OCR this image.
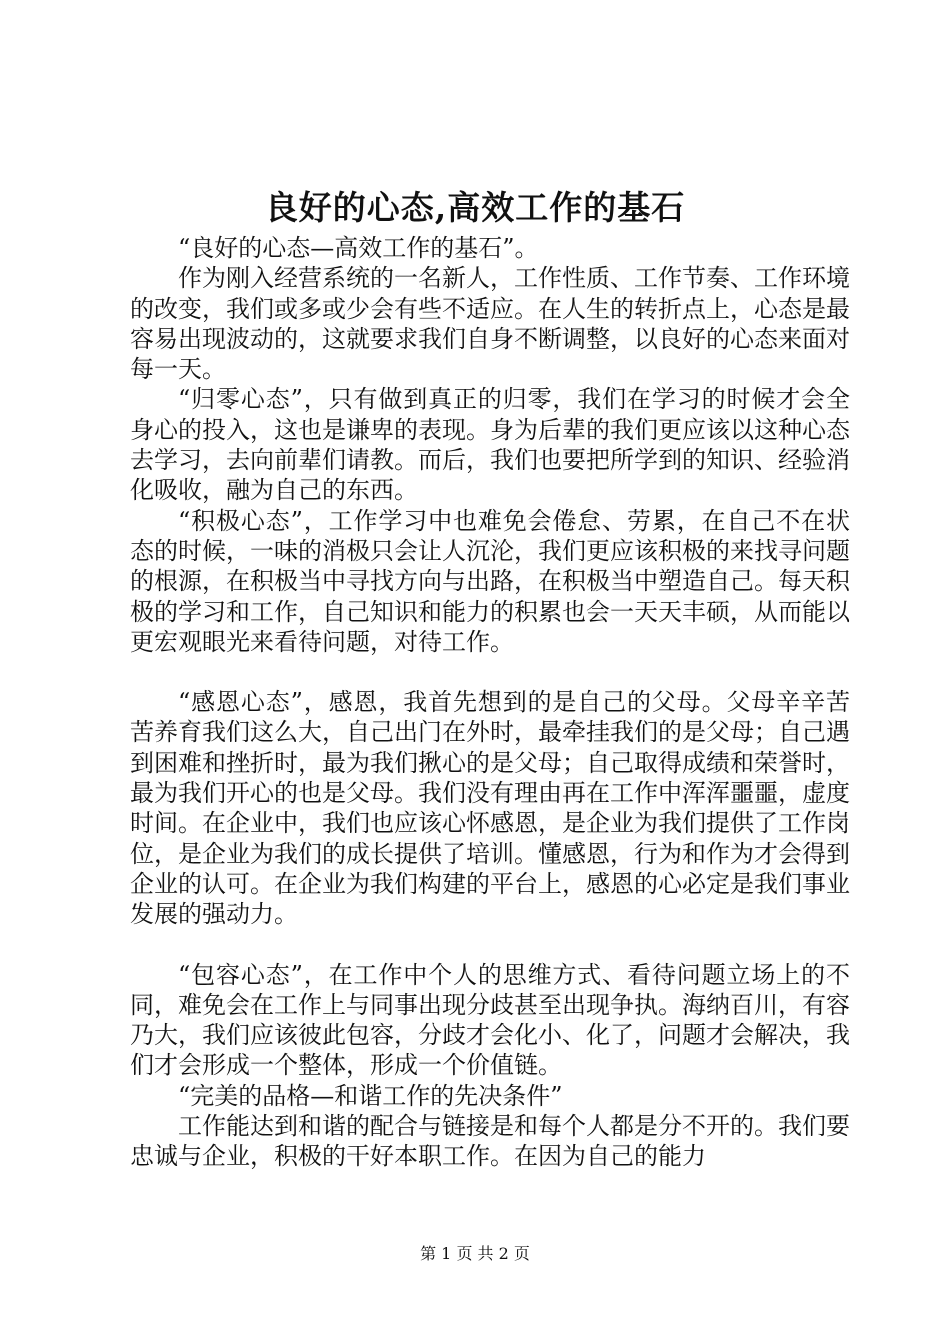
良好的心态,高效工作的基石

“良好的心态—高效工作的基石”。

作为刚入经营系统的一名新人，工作性质、工作节奏、工作环境的改变，我们或多或少会有些不适应。在人生的转折点上，心态是最容易出现波动的，这就要求我们自身不断调整，以良好的心态来面对每一天。

“归零心态”，只有做到真正的归零，我们在学习的时候才会全身心的投入，这也是谦卑的表现。身为后辈的我们更应该以这种心态去学习，去向前辈们请教。而后，我们也要把所学到的知识、经验消化吸收，融为自己的东西。

“积极心态”，工作学习中也难免会倦怠、劳累，在自己不在状态的时候，一味的消极只会让人沉沦，我们更应该积极的来找寻问题的根源，在积极当中寻找方向与出路，在积极当中塑造自己。每天积极的学习和工作，自己知识和能力的积累也会一天天丰硕，从而能以更宏观眼光来看待问题，对待工作。

“感恩心态”，感恩，我首先想到的是自己的父母。父母辛辛苦苦养育我们这么大，自己出门在外时，最牵挂我们的是父母；自己遇到困难和挫折时，最为我们揪心的是父母；自己取得成绩和荣誉时，最为我们开心的也是父母。我们没有理由再在工作中浑浑噩噩，虚度时间。在企业中，我们也应该心怀感恩，是企业为我们提供了工作岗位，是企业为我们的成长提供了培训。懂感恩，行为和作为才会得到企业的认可。在企业为我们构建的平台上，感恩的心必定是我们事业发展的强动力。

“包容心态”，在工作中个人的思维方式、看待问题立场上的不同，难免会在工作上与同事出现分歧甚至出现争执。海纳百川，有容乃大，我们应该彼此包容，分歧才会化小、化了，问题才会解决，我们才会形成一个整体，形成一个价值链。

“完美的品格—和谐工作的先决条件”

工作能达到和谐的配合与链接是和每个人都是分不开的。我们要忠诚与企业，积极的干好本职工作。在因为自己的能力

第 1 页 共 2 页
